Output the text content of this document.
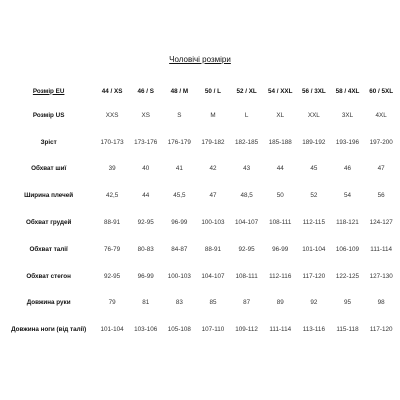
Чоловічі розміри
Розмір EU	44 / XS	46 / S	48 / M	50 / L	52 / XL	54 / XXL	56 / 3XL	58 / 4XL	60 / 5XL
Розмір US	XXS	XS	S	M	L	XL	XXL	3XL	4XL
Зріст	170-173	173-176	176-179	179-182	182-185	185-188	189-192	193-196	197-200
Обхват шиї	39	40	41	42	43	44	45	46	47
Ширина плечей	42,5	44	45,5	47	48,5	50	52	54	56
Обхват грудей	88-91	92-95	96-99	100-103	104-107	108-111	112-115	118-121	124-127
Обхват талії	76-79	80-83	84-87	88-91	92-95	96-99	101-104	106-109	111-114
Обхват стегон	92-95	96-99	100-103	104-107	108-111	112-116	117-120	122-125	127-130
Довжина руки	79	81	83	85	87	89	92	95	98
Довжина ноги (від талії)	101-104	103-106	105-108	107-110	109-112	111-114	113-116	115-118	117-120
